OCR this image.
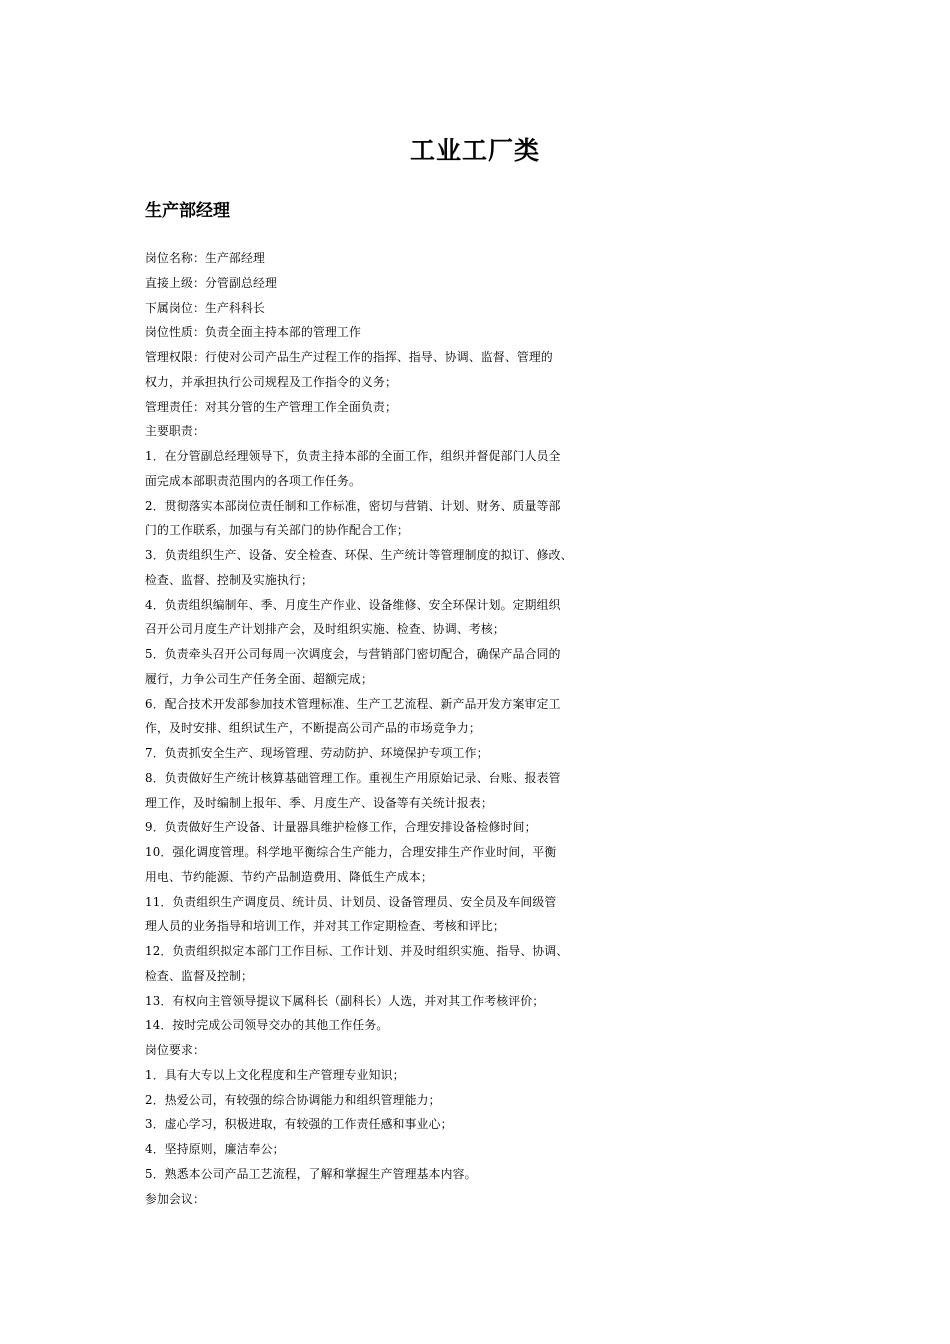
工业工厂类
生产部经理
岗位名称：生产部经理
直接上级：分管副总经理
下属岗位：生产科科长
岗位性质：负责全面主持本部的管理工作
管理权限：行使对公司产品生产过程工作的指挥、指导、协调、监督、管理的
权力，并承担执行公司规程及工作指令的义务；
管理责任：对其分管的生产管理工作全面负责；
主要职责：
1．在分管副总经理领导下，负责主持本部的全面工作，组织并督促部门人员全
面完成本部职责范围内的各项工作任务。
2．贯彻落实本部岗位责任制和工作标准，密切与营销、计划、财务、质量等部
门的工作联系，加强与有关部门的协作配合工作；
3．负责组织生产、设备、安全检查、环保、生产统计等管理制度的拟订、修改、
检查、监督、控制及实施执行；
4．负责组织编制年、季、月度生产作业、设备维修、安全环保计划。定期组织
召开公司月度生产计划排产会，及时组织实施、检查、协调、考核；
5．负责牵头召开公司每周一次调度会，与营销部门密切配合，确保产品合同的
履行，力争公司生产任务全面、超额完成；
6．配合技术开发部参加技术管理标准、生产工艺流程、新产品开发方案审定工
作，及时安排、组织试生产，不断提高公司产品的市场竞争力；
7．负责抓安全生产、现场管理、劳动防护、环境保护专项工作；
8．负责做好生产统计核算基础管理工作。重视生产用原始记录、台账、报表管
理工作，及时编制上报年、季、月度生产、设备等有关统计报表；
9．负责做好生产设备、计量器具维护检修工作，合理安排设备检修时间；
10．强化调度管理。科学地平衡综合生产能力，合理安排生产作业时间，平衡
用电、节约能源、节约产品制造费用、降低生产成本；
11．负责组织生产调度员、统计员、计划员、设备管理员、安全员及车间级管
理人员的业务指导和培训工作，并对其工作定期检查、考核和评比；
12．负责组织拟定本部门工作目标、工作计划、并及时组织实施、指导、协调、
检查、监督及控制；
13．有权向主管领导提议下属科长（副科长）人选，并对其工作考核评价；
14．按时完成公司领导交办的其他工作任务。
岗位要求：
1．具有大专以上文化程度和生产管理专业知识；
2．热爱公司，有较强的综合协调能力和组织管理能力；
3．虚心学习，积极进取，有较强的工作责任感和事业心；
4．坚持原则，廉洁奉公；
5．熟悉本公司产品工艺流程，了解和掌握生产管理基本内容。
参加会议：
